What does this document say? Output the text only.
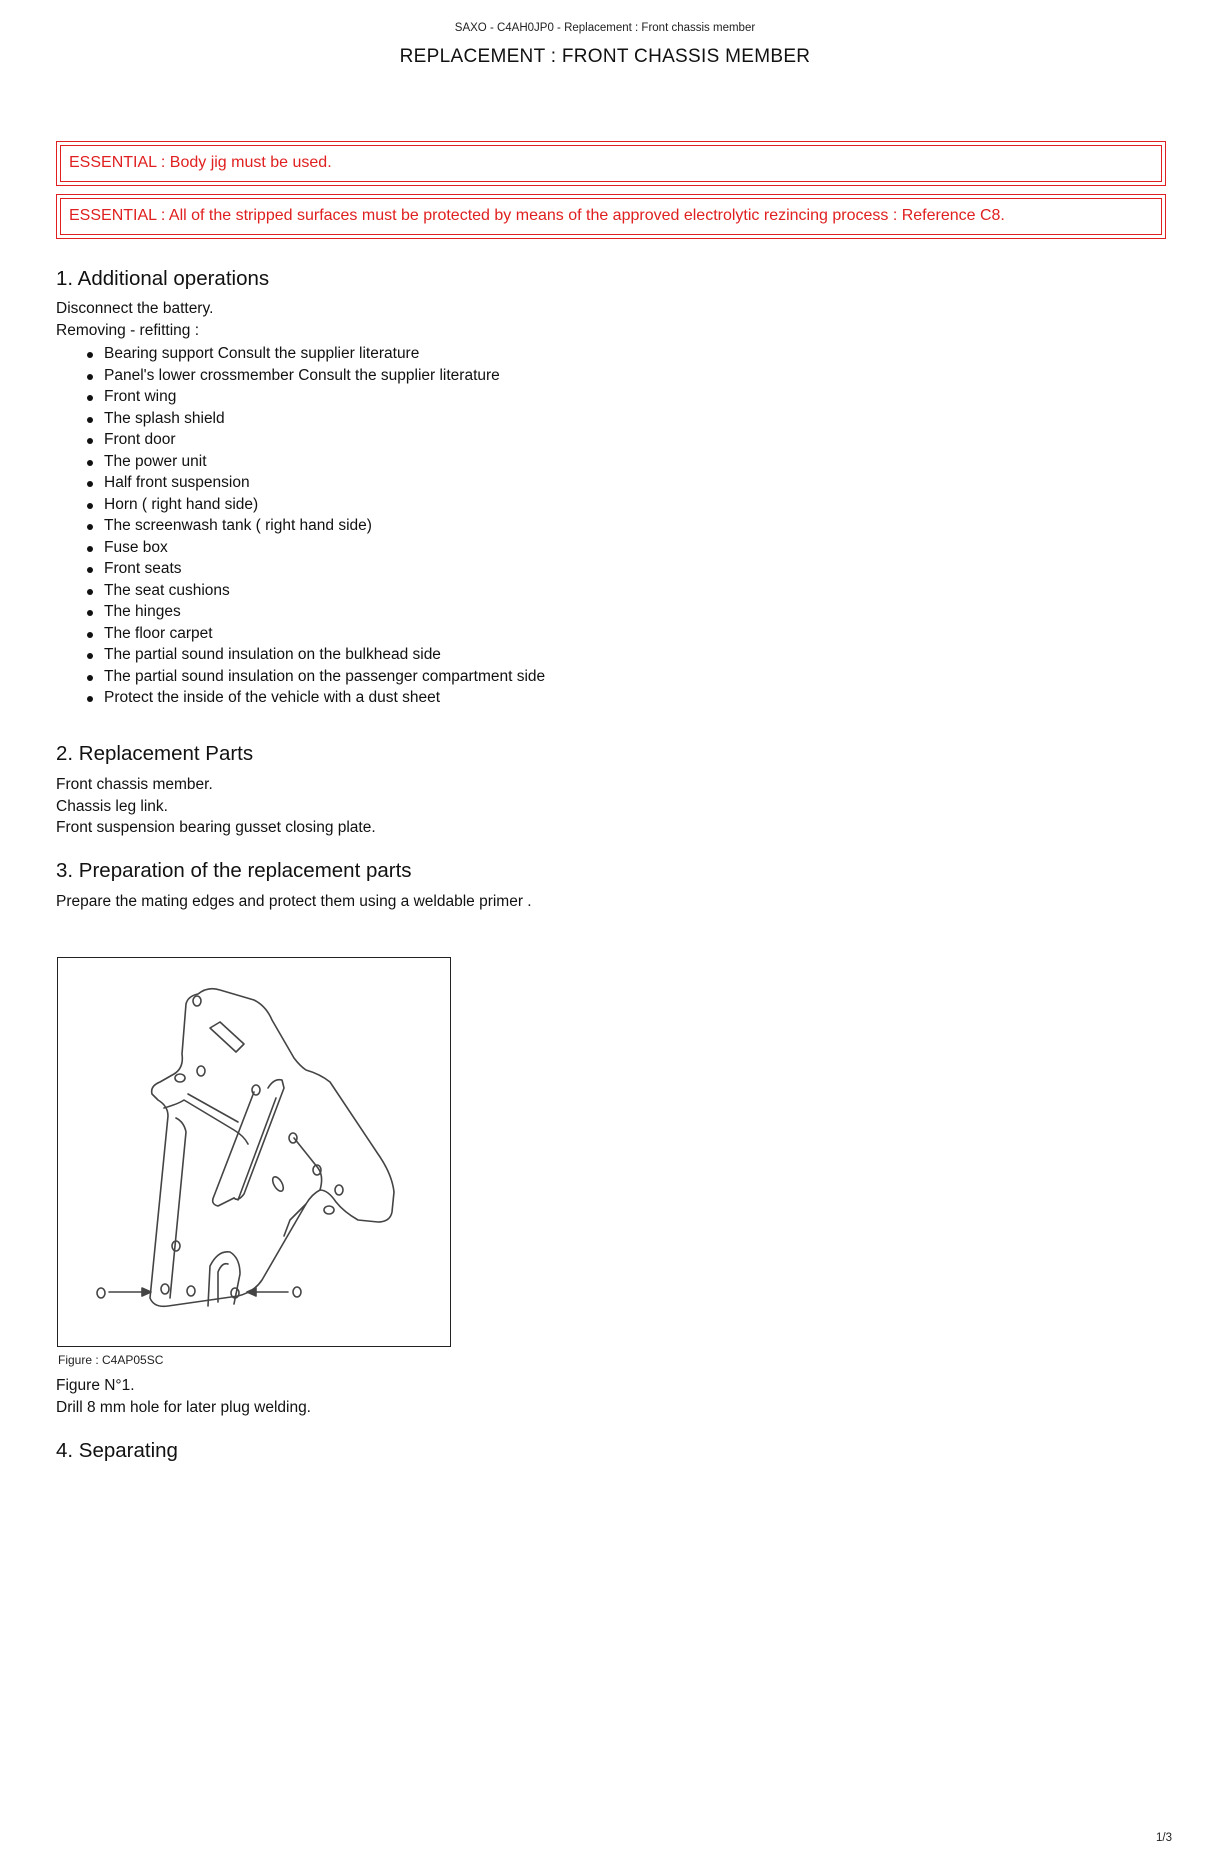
SAXO - C4AH0JP0 - Replacement : Front chassis member
REPLACEMENT : FRONT CHASSIS MEMBER
ESSENTIAL : Body jig must be used.
ESSENTIAL : All of the stripped surfaces must be protected by means of the approved electrolytic rezincing process : Reference C8.
1. Additional operations
Disconnect the battery.
Removing - refitting :
Bearing support Consult the supplier literature
Panel's lower crossmember Consult the supplier literature
Front wing
The splash shield
Front door
The power unit
Half front suspension
Horn ( right hand side)
The screenwash tank ( right hand side)
Fuse box
Front seats
The seat cushions
The hinges
The floor carpet
The partial sound insulation on the bulkhead side
The partial sound insulation on the passenger compartment side
Protect the inside of the vehicle with a dust sheet
2. Replacement Parts
Front chassis member.
Chassis leg link.
Front suspension bearing gusset closing plate.
3. Preparation of the replacement parts
Prepare the mating edges and protect them using a weldable primer .
Figure : C4AP05SC
Figure N°1.
Drill 8 mm hole for later plug welding.
4. Separating
1/3
